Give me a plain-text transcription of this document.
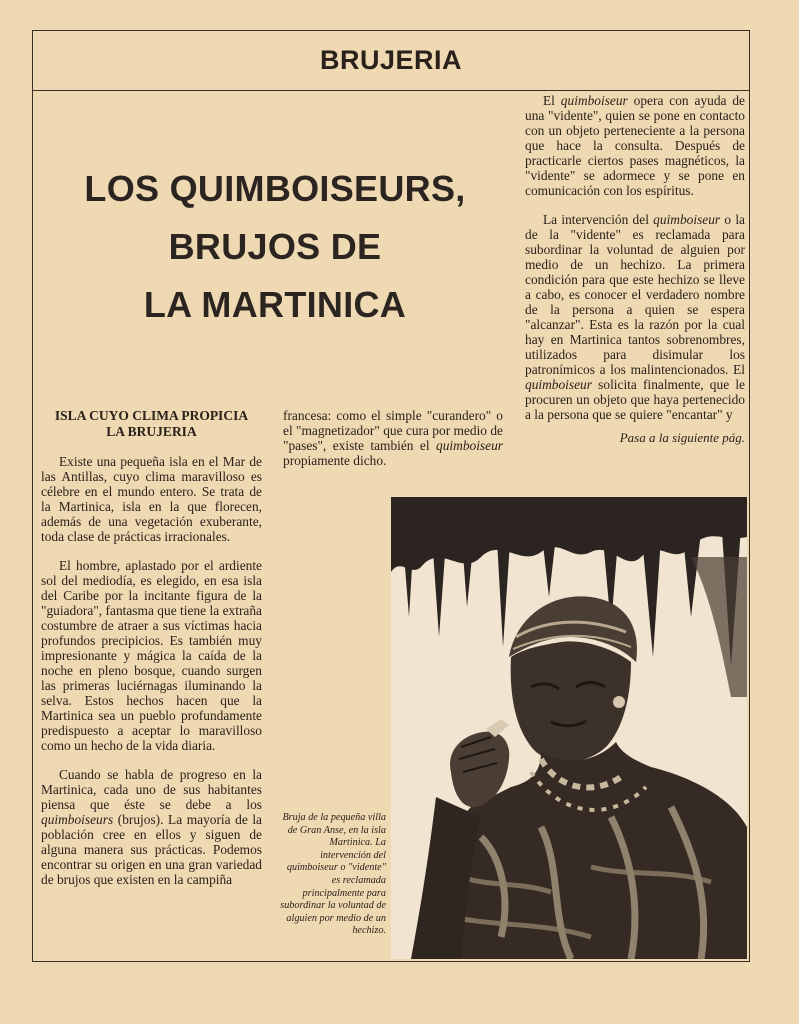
BRUJERIA
LOS QUIMBOISEURS,
BRUJOS DE
LA MARTINICA
ISLA CUYO CLIMA PROPICIA
LA BRUJERIA

Existe una pequeña isla en el Mar de las Antillas, cuyo clima maravilloso es célebre en el mundo entero. Se trata de la Martinica, isla en la que florecen, además de una vegetación exuberante, toda clase de prácticas irracionales.

El hombre, aplastado por el ardiente sol del mediodía, es elegido, en esa isla del Caribe por la incitante figura de la "guiadora", fantasma que tiene la extraña costumbre de atraer a sus víctimas hacia profundos precipicios. Es también muy impresionante y mágica la caída de la noche en pleno bosque, cuando surgen las primeras luciérnagas iluminando la selva. Estos hechos hacen que la Martinica sea un pueblo profundamente predispuesto a aceptar lo maravilloso como un hecho de la vida diaria.

Cuando se habla de progreso en la Martinica, cada uno de sus habitantes piensa que éste se debe a los quimboiseurs (brujos). La mayoría de la población cree en ellos y siguen de alguna manera sus prácticas. Podemos encontrar su origen en una gran variedad de brujos que existen en la campiña

francesa: como el simple "curandero" o el "magnetizador" que cura por medio de "pases", existe también el quimboiseur propiamente dicho.

El quimboiseur opera con ayuda de una "vidente", quien se pone en contacto con un objeto perteneciente a la persona que hace la consulta. Después de practicarle ciertos pases magnéticos, la "vidente" se adormece y se pone en comunicación con los espíritus.

La intervención del quimboiseur o la de la "vidente" es reclamada para subordinar la voluntad de alguien por medio de un hechizo. La primera condición para que este hechizo se lleve a cabo, es conocer el verdadero nombre de la persona a quien se espera "alcanzar". Esta es la razón por la cual hay en Martinica tantos sobrenombres, utilizados para disimular los patronímicos a los malintencionados. El quimboiseur solicita finalmente, que le procuren un objeto que haya pertenecido a la persona que se quiere "encantar" y

Pasa a la siguiente pág.
Bruja de la pequeña villa de Gran Anse, en la isla Martinica. La intervención del quimboiseur o "vidente" es reclamada principalmente para subordinar la voluntad de alguien por medio de un hechizo.
